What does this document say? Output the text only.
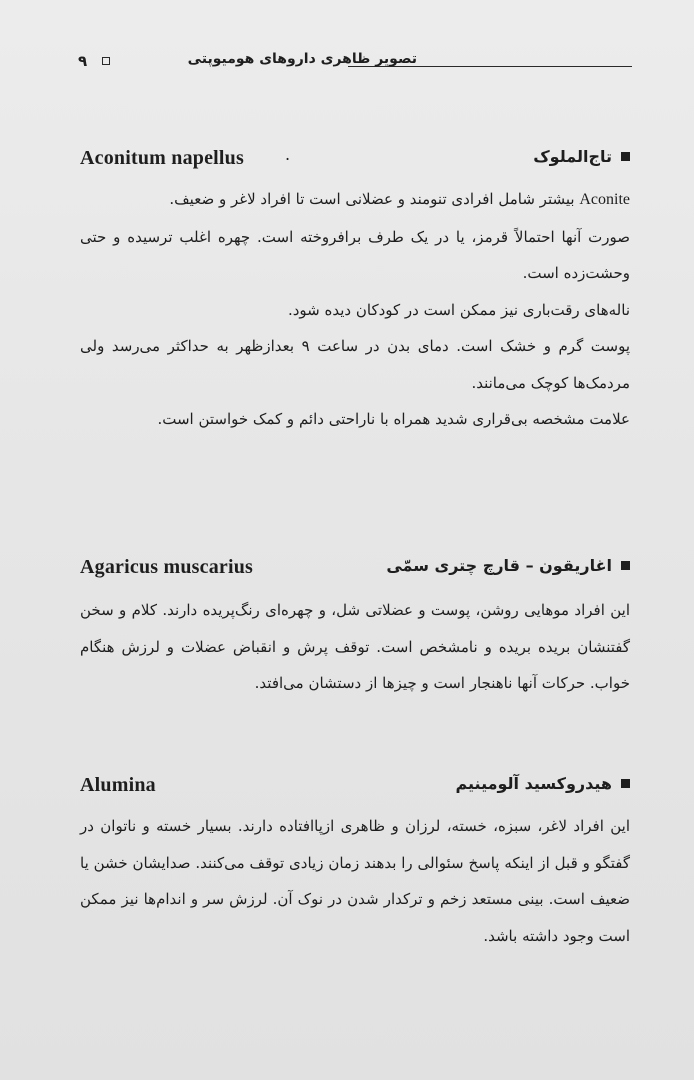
تصویر ظاهری داروهای هومیوپتی
۹
Aconitum napellus	.	تاج‌الملوک

Aconite بیشتر شامل افرادی تنومند و عضلانی است تا افراد لاغر و ضعیف.

صورت آنها احتمالاً قرمز، یا در یک طرف برافروخته است. چهره اغلب ترسیده و حتی وحشت‌زده است.

ناله‌های رقت‌باری نیز ممکن است در کودکان دیده شود.

پوست گرم و خشک است. دمای بدن در ساعت ۹ بعدازظهر به حداکثر می‌رسد ولی مردمک‌ها کوچک می‌مانند.

علامت مشخصه بی‌قراری شدید همراه با ناراحتی دائم و کمک خواستن است.

Agaricus muscarius	اغاریقون – قارچ چتری سمّی

این افراد موهایی روشن، پوست و عضلاتی شل، و چهره‌ای رنگ‌پریده دارند. کلام و سخن گفتنشان بریده بریده و نامشخص است. توقف پرش و انقباض عضلات و لرزش هنگام خواب. حرکات آنها ناهنجار است و چیزها از دستشان می‌افتد.

Alumina	هیدروکسید آلومینیم

این افراد لاغر، سبزه، خسته، لرزان و ظاهری ازپاافتاده دارند. بسیار خسته و ناتوان در گفتگو و قبل از اینکه پاسخ سئوالی را بدهند زمان زیادی توقف می‌کنند. صدایشان خشن یا ضعیف است. بینی مستعد زخم و ترکدار شدن در نوک آن. لرزش سر و اندام‌ها نیز ممکن است وجود داشته باشد.
